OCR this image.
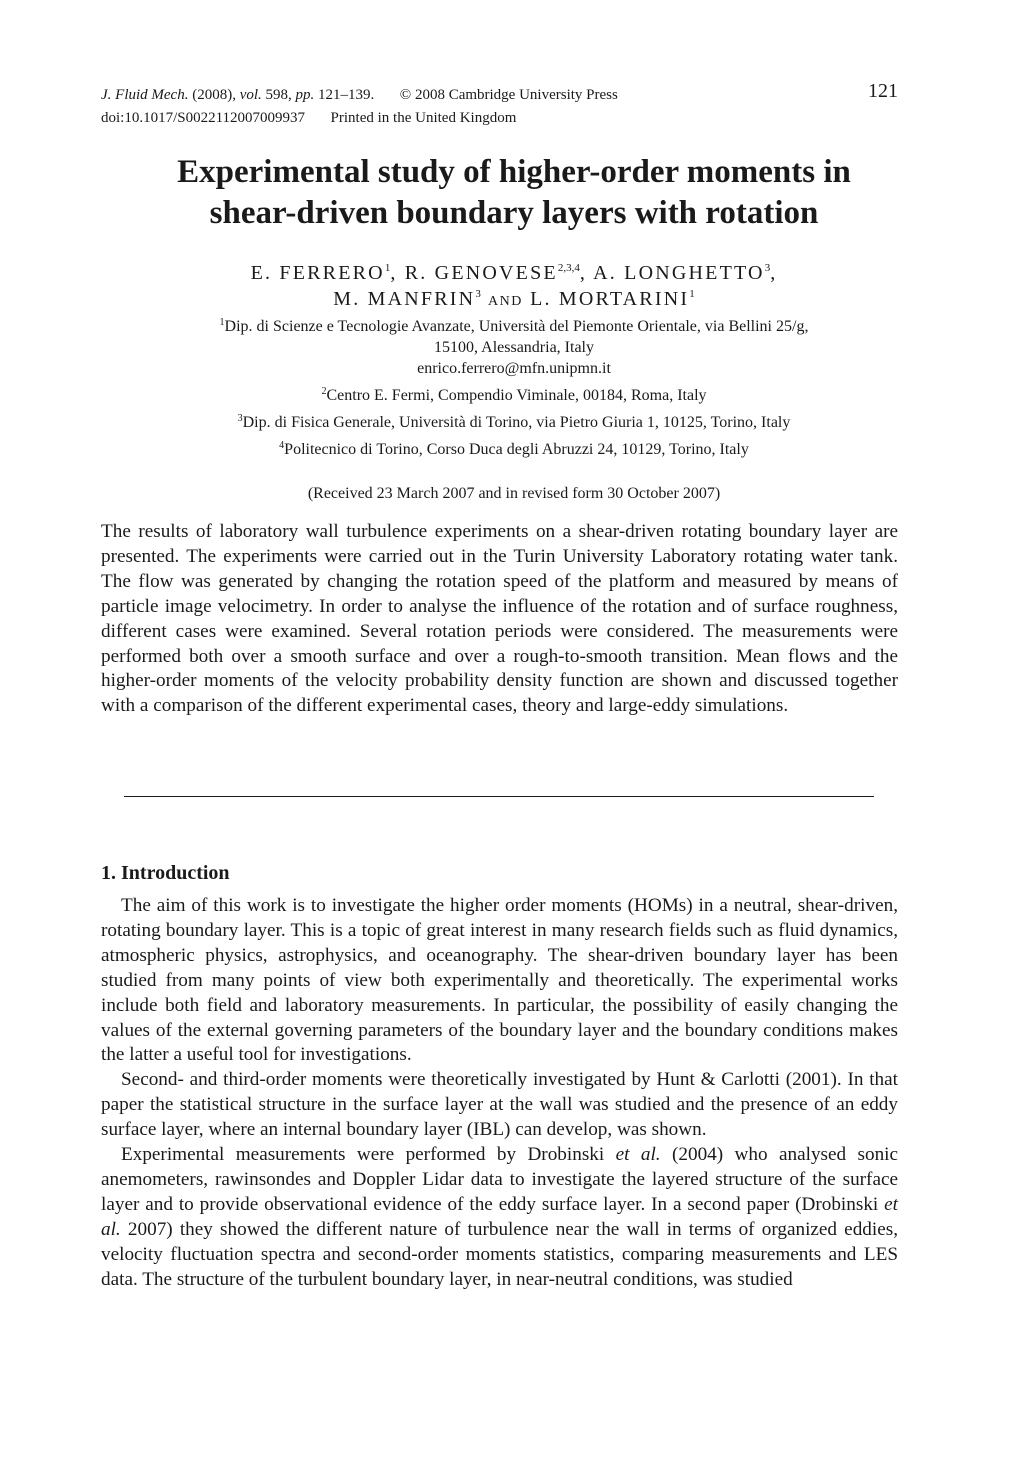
J. Fluid Mech. (2008), vol. 598, pp. 121–139. © 2008 Cambridge University Press
doi:10.1017/S0022112007009937 Printed in the United Kingdom
121
Experimental study of higher-order moments in
shear-driven boundary layers with rotation
E. FERRERO$^1$, R. GENOVESE$^{2,3,4}$, A. LONGHETTO$^3$,
M. MANFRIN$^3$ AND L. MORTARINI$^1$
$^1$Dip. di Scienze e Tecnologie Avanzate, Università del Piemonte Orientale, via Bellini 25/g,
15100, Alessandria, Italy
enrico.ferrero@mfn.unipmn.it
$^2$Centro E. Fermi, Compendio Viminale, 00184, Roma, Italy
$^3$Dip. di Fisica Generale, Università di Torino, via Pietro Giuria 1, 10125, Torino, Italy
$^4$Politecnico di Torino, Corso Duca degli Abruzzi 24, 10129, Torino, Italy
(Received 23 March 2007 and in revised form 30 October 2007)

The results of laboratory wall turbulence experiments on a shear-driven rotating boundary layer are presented. The experiments were carried out in the Turin University Laboratory rotating water tank. The flow was generated by changing the rotation speed of the platform and measured by means of particle image velocimetry. In order to analyse the influence of the rotation and of surface roughness, different cases were examined. Several rotation periods were considered. The measurements were performed both over a smooth surface and over a rough-to-smooth transition. Mean flows and the higher-order moments of the velocity probability density function are shown and discussed together with a comparison of the different experimental cases, theory and large-eddy simulations.

1. Introduction

The aim of this work is to investigate the higher order moments (HOMs) in a neutral, shear-driven, rotating boundary layer. This is a topic of great interest in many research fields such as fluid dynamics, atmospheric physics, astrophysics, and oceanography. The shear-driven boundary layer has been studied from many points of view both experimentally and theoretically. The experimental works include both field and laboratory measurements. In particular, the possibility of easily changing the values of the external governing parameters of the boundary layer and the boundary conditions makes the latter a useful tool for investigations.

Second- and third-order moments were theoretically investigated by Hunt & Carlotti (2001). In that paper the statistical structure in the surface layer at the wall was studied and the presence of an eddy surface layer, where an internal boundary layer (IBL) can develop, was shown.

Experimental measurements were performed by Drobinski et al. (2004) who analysed sonic anemometers, rawinsondes and Doppler Lidar data to investigate the layered structure of the surface layer and to provide observational evidence of the eddy surface layer. In a second paper (Drobinski et al. 2007) they showed the different nature of turbulence near the wall in terms of organized eddies, velocity fluctuation spectra and second-order moments statistics, comparing measurements and LES data. The structure of the turbulent boundary layer, in near-neutral conditions, was studied
